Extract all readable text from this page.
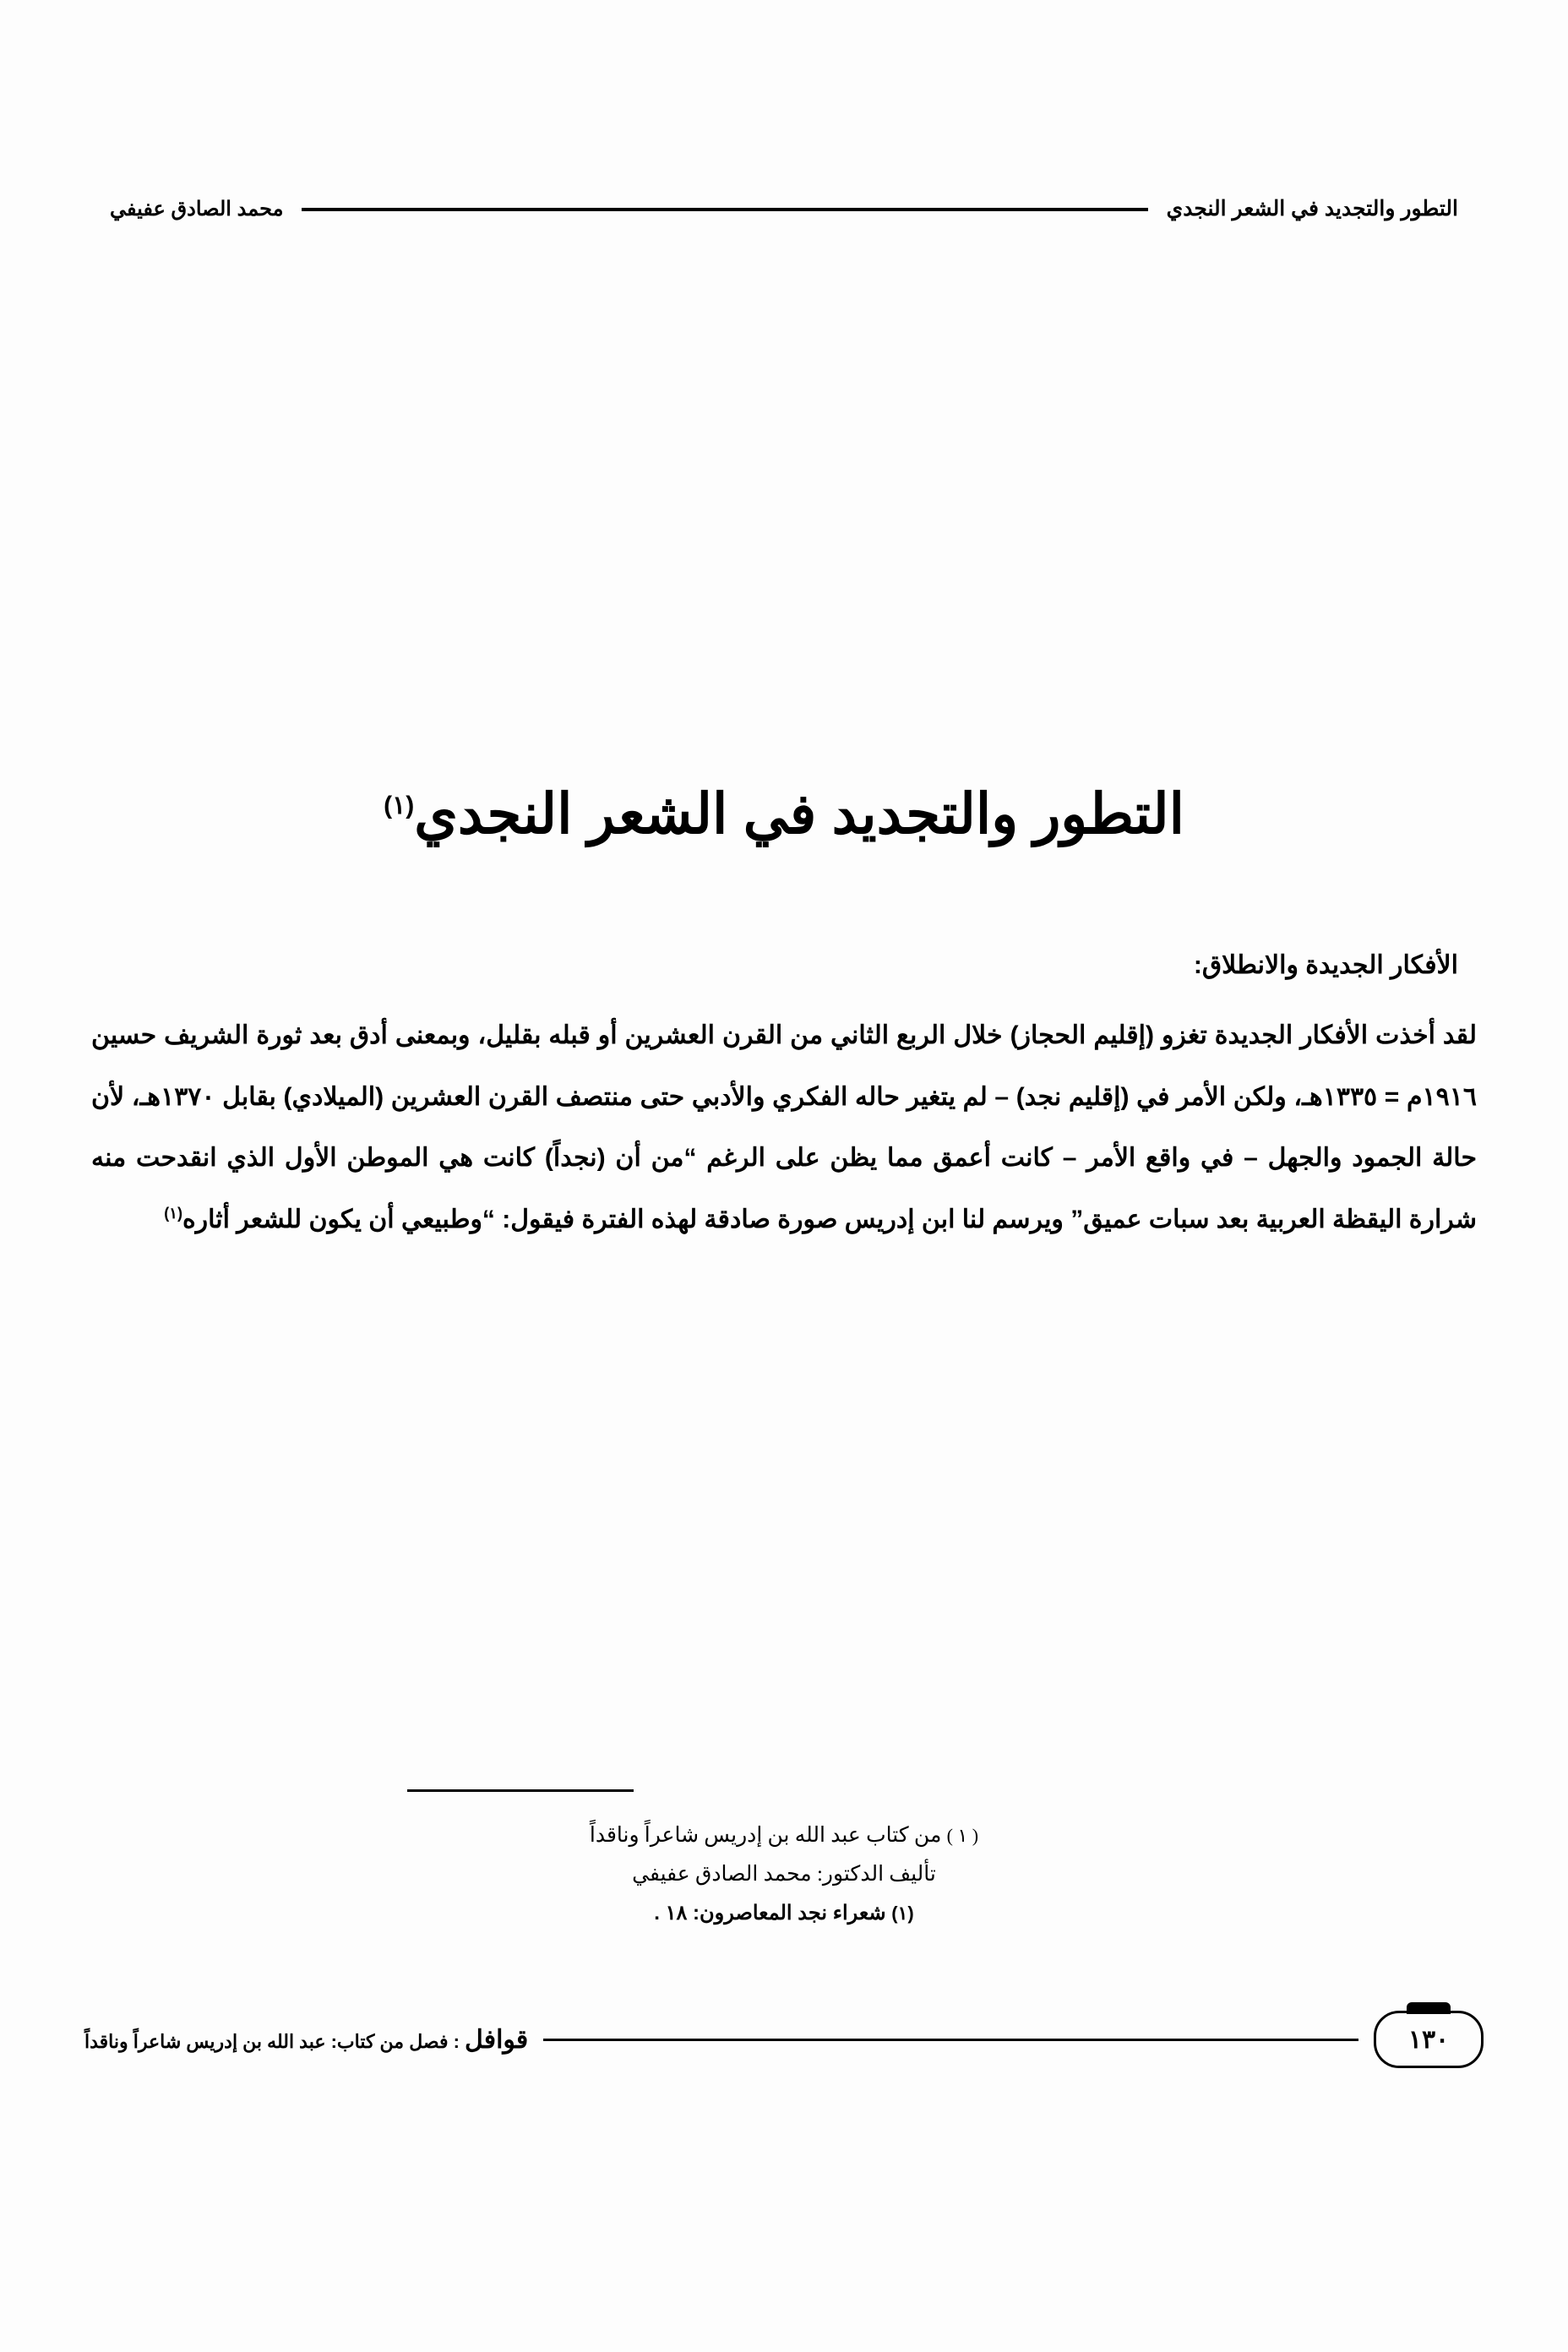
التطور والتجديد في الشعر النجدي
محمد الصادق عفيفي
التطور والتجديد في الشعر النجدي$^{(١)}$
الأفكار الجديدة والانطلاق:

لقد أخذت الأفكار الجديدة تغزو (إقليم الحجاز) خلال الربع الثاني من القرن العشرين أو قبله بقليل، وبمعنى أدق بعد ثورة الشريف حسين ١٩١٦م = ١٣٣٥هـ، ولكن الأمر في (إقليم نجد) – لم يتغير حاله الفكري والأدبي حتى منتصف القرن العشرين (الميلادي) بقابل ١٣٧٠هـ، لأن حالة الجمود والجهل – في واقع الأمر – كانت أعمق مما يظن على الرغم “من أن (نجداً) كانت هي الموطن الأول الذي انقدحت منه شرارة اليقظة العربية بعد سبات عميق” ويرسم لنا ابن إدريس صورة صادقة لهذه الفترة فيقول: “وطبيعي أن يكون للشعر أثاره$^{(١)}$

( ١ ) من كتاب عبد الله بن إدريس شاعراً وناقداً
تأليف الدكتور: محمد الصادق عفيفي
(١) شعراء نجد المعاصرون: ١٨ .
١٣٠
قوافل : فصل من كتاب: عبد الله بن إدريس شاعراً وناقداً
